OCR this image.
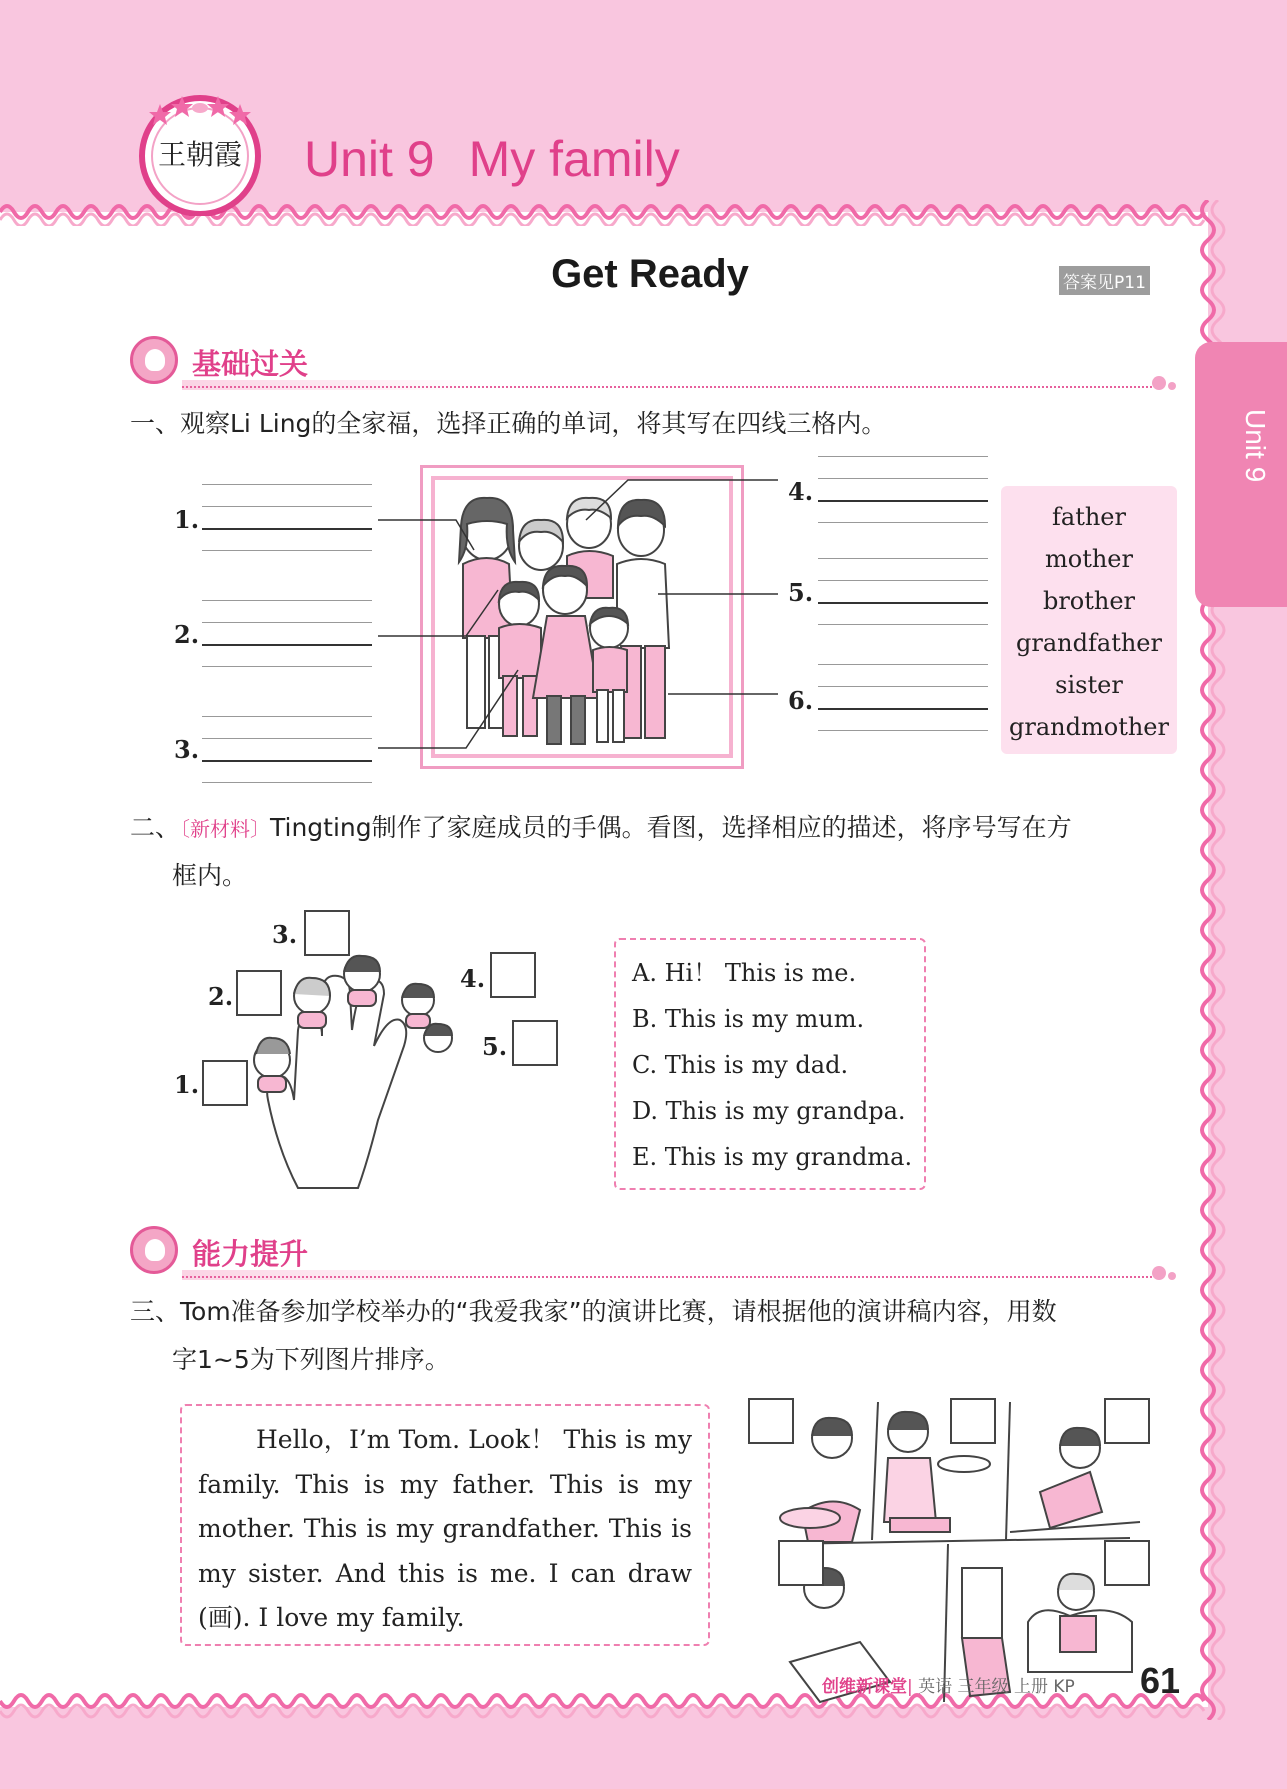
王朝霞 Unit 9 My family
Unit 9
Get Ready	答案见P11
基础过关
一、观察Li Ling的全家福，选择正确的单词，将其写在四线三格内。
1.
2.
3.
4.
5.
6.
father
mother
brother
grandfather
sister
grandmother
二、〔新材料〕Tingting制作了家庭成员的手偶。看图，选择相应的描述，将序号写在方
框内。
1.
2.
3.
4.
5.
A. Hi！ This is me.
B. This is my mum.
C. This is my dad.
D. This is my grandpa.
E. This is my grandma.
能力提升
三、Tom准备参加学校举办的“我爱我家”的演讲比赛，请根据他的演讲稿内容，用数
字1~5为下列图片排序。
Hello，I’m Tom. Look！ This is my family. This is my father. This is my mother. This is my grandfather. This is my sister. And this is me. I can draw (画). I love my family.
创维新课堂| 英语 三年级 上册 KP 61
